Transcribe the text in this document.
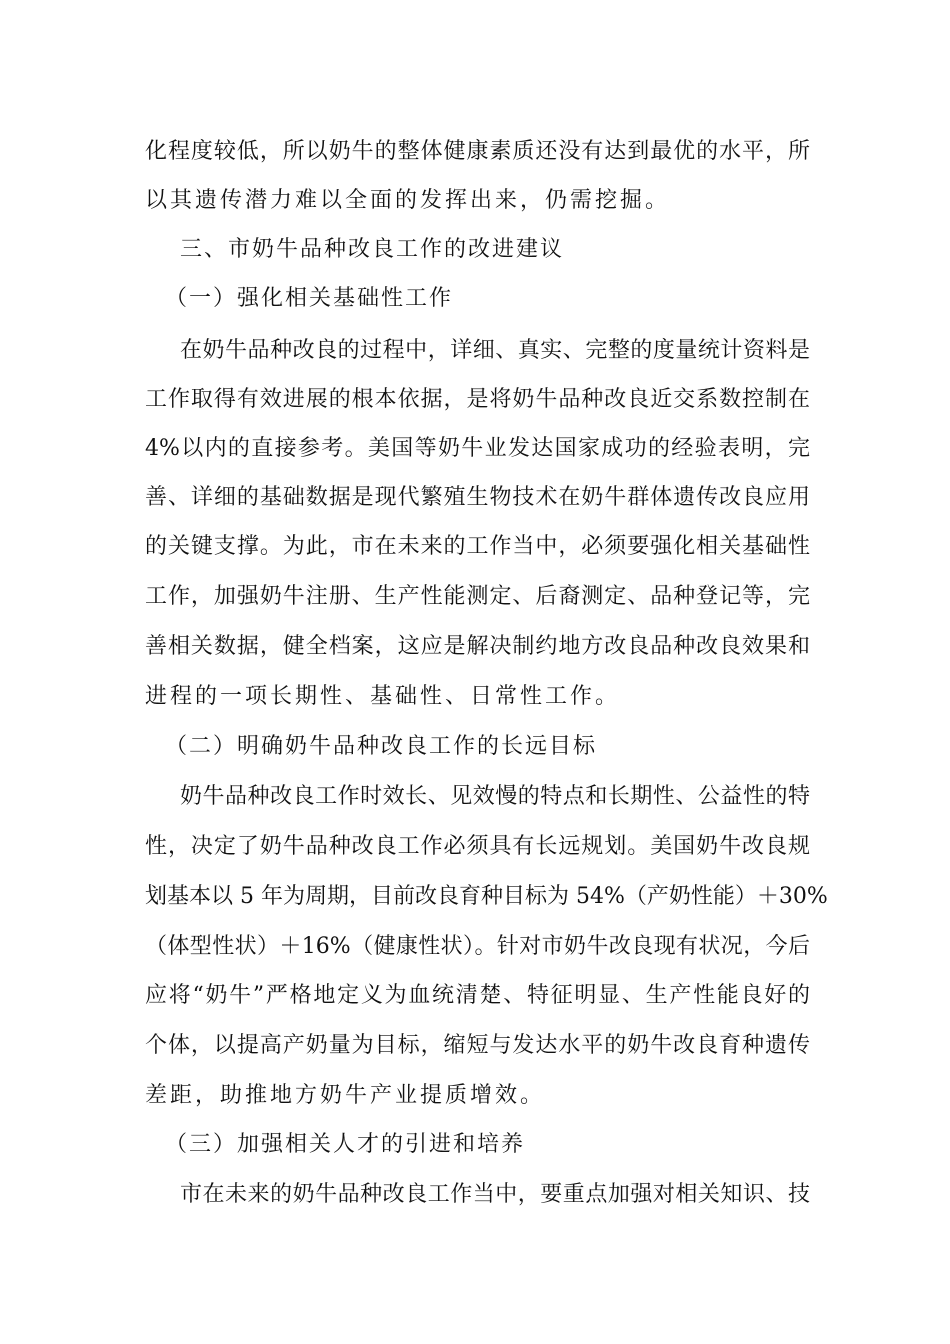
化程度较低，所以奶牛的整体健康素质还没有达到最优的水平，所
以其遗传潜力难以全面的发挥出来，仍需挖掘。
三、市奶牛品种改良工作的改进建议
（一）强化相关基础性工作
在奶牛品种改良的过程中，详细、真实、完整的度量统计资料是
工作取得有效进展的根本依据，是将奶牛品种改良近交系数控制在
4%以内的直接参考。美国等奶牛业发达国家成功的经验表明，完
善、详细的基础数据是现代繁殖生物技术在奶牛群体遗传改良应用
的关键支撑。为此，市在未来的工作当中，必须要强化相关基础性
工作，加强奶牛注册、生产性能测定、后裔测定、品种登记等，完
善相关数据，健全档案，这应是解决制约地方改良品种改良效果和
进程的一项长期性、基础性、日常性工作。
（二）明确奶牛品种改良工作的长远目标
奶牛品种改良工作时效长、见效慢的特点和长期性、公益性的特
性，决定了奶牛品种改良工作必须具有长远规划。美国奶牛改良规
划基本以 5 年为周期，目前改良育种目标为 54%（产奶性能）＋30%
（体型性状）＋16%（健康性状）。针对市奶牛改良现有状况，今后
应将“奶牛”严格地定义为血统清楚、特征明显、生产性能良好的
个体，以提高产奶量为目标，缩短与发达水平的奶牛改良育种遗传
差距，助推地方奶牛产业提质增效。
（三）加强相关人才的引进和培养
市在未来的奶牛品种改良工作当中，要重点加强对相关知识、技
